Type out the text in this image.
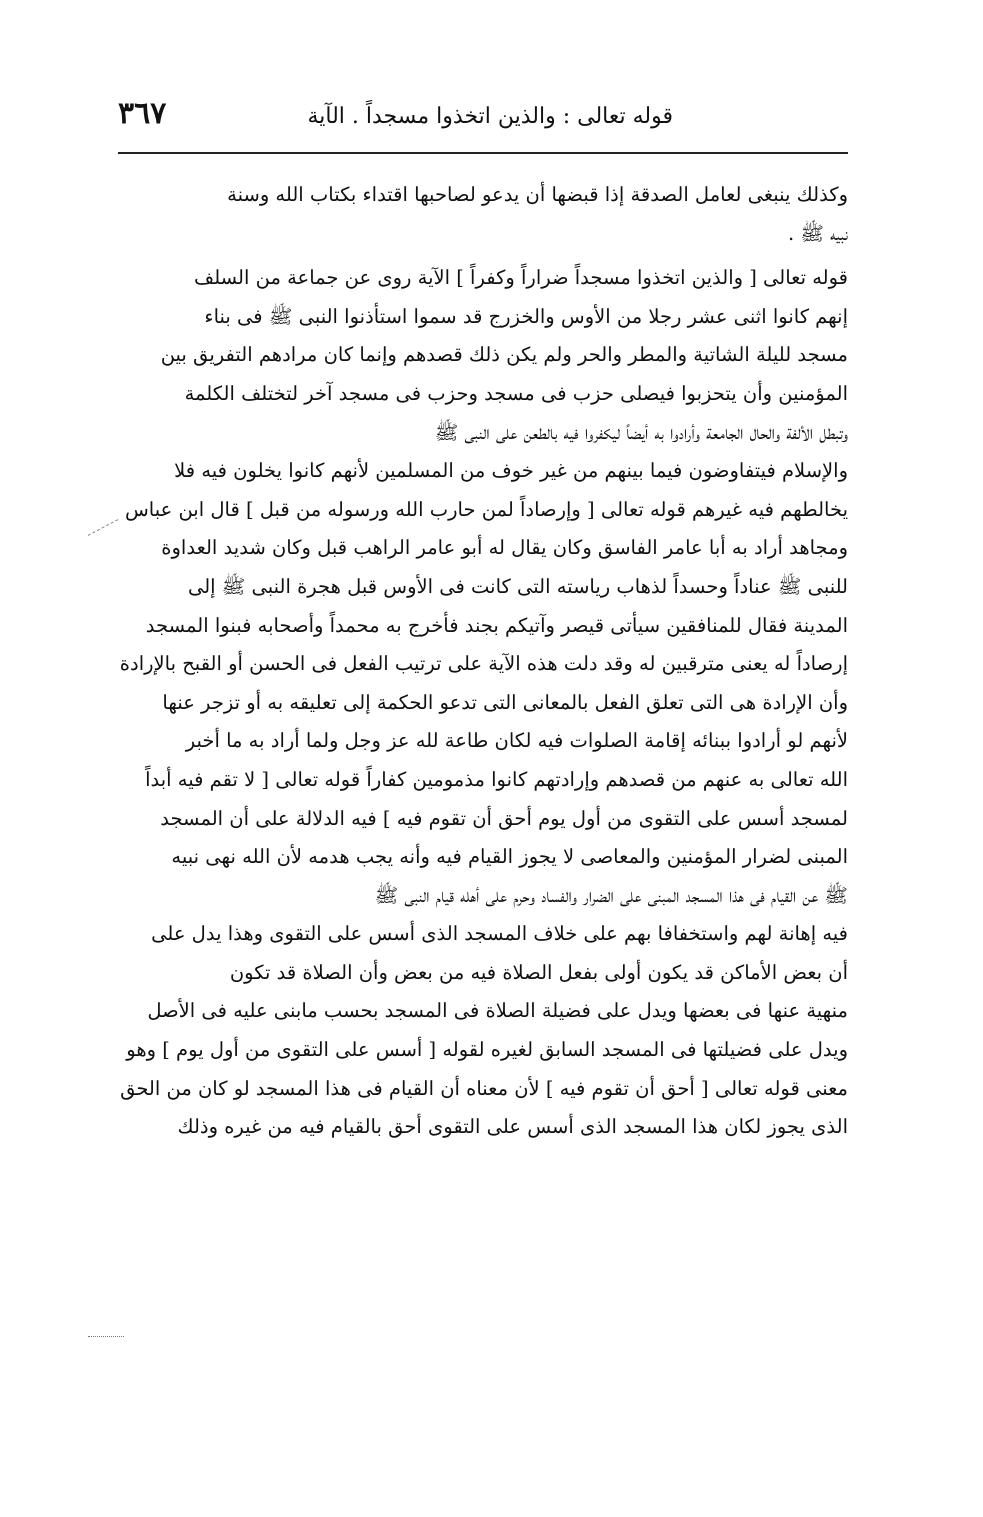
قوله تعالى : والذين اتخذوا مسجداً . الآية
٣٦٧
وكذلك ينبغى لعامل الصدقة إذا قبضها أن يدعو لصاحبها اقتداء بكتاب الله وسنة
نبيه ﷺ .
قوله تعالى [ والذين اتخذوا مسجداً ضراراً وكفراً ] الآية روى عن جماعة من السلف
إنهم كانوا اثنى عشر رجلا من الأوس والخزرج قد سموا استأذنوا النبى ﷺ فى بناء
مسجد لليلة الشاتية والمطر والحر ولم يكن ذلك قصدهم وإنما كان مرادهم التفريق بين
المؤمنين وأن يتحزبوا فيصلى حزب فى مسجد وحزب فى مسجد آخر لتختلف الكلمة
وتبطل الألفة والحال الجامعة وأرادوا به أيضاً ليكفروا فيه بالطعن على النبى ﷺ
والإسلام فيتفاوضون فيما بينهم من غير خوف من المسلمين لأنهم كانوا يخلون فيه فلا
يخالطهم فيه غيرهم قوله تعالى [ وإرصاداً لمن حارب الله ورسوله من قبل ] قال ابن عباس
ومجاهد أراد به أبا عامر الفاسق وكان يقال له أبو عامر الراهب قبل وكان شديد العداوة
للنبى ﷺ عناداً وحسداً لذهاب رياسته التى كانت فى الأوس قبل هجرة النبى ﷺ إلى
المدينة فقال للمنافقين سيأتى قيصر وآتيكم بجند فأخرج به محمداً وأصحابه فبنوا المسجد
إرصاداً له يعنى مترقبين له وقد دلت هذه الآية على ترتيب الفعل فى الحسن أو القبح بالإرادة
وأن الإرادة هى التى تعلق الفعل بالمعانى التى تدعو الحكمة إلى تعليقه به أو تزجر عنها
لأنهم لو أرادوا ببنائه إقامة الصلوات فيه لكان طاعة لله عز وجل ولما أراد به ما أخبر
الله تعالى به عنهم من قصدهم وإرادتهم كانوا مذمومين كفاراً قوله تعالى [ لا تقم فيه أبداً
لمسجد أسس على التقوى من أول يوم أحق أن تقوم فيه ] فيه الدلالة على أن المسجد
المبنى لضرار المؤمنين والمعاصى لا يجوز القيام فيه وأنه يجب هدمه لأن الله نهى نبيه
ﷺ عن القيام فى هذا المسجد المبنى على الضرار والفساد وحرم على أهله قيام النبى ﷺ
فيه إهانة لهم واستخفافا بهم على خلاف المسجد الذى أسس على التقوى وهذا يدل على
أن بعض الأماكن قد يكون أولى بفعل الصلاة فيه من بعض وأن الصلاة قد تكون
منهية عنها فى بعضها ويدل على فضيلة الصلاة فى المسجد بحسب مابنى عليه فى الأصل
ويدل على فضيلتها فى المسجد السابق لغيره لقوله [ أسس على التقوى من أول يوم ] وهو
معنى قوله تعالى [ أحق أن تقوم فيه ] لأن معناه أن القيام فى هذا المسجد لو كان من الحق
الذى يجوز لكان هذا المسجد الذى أسس على التقوى أحق بالقيام فيه من غيره وذلك
